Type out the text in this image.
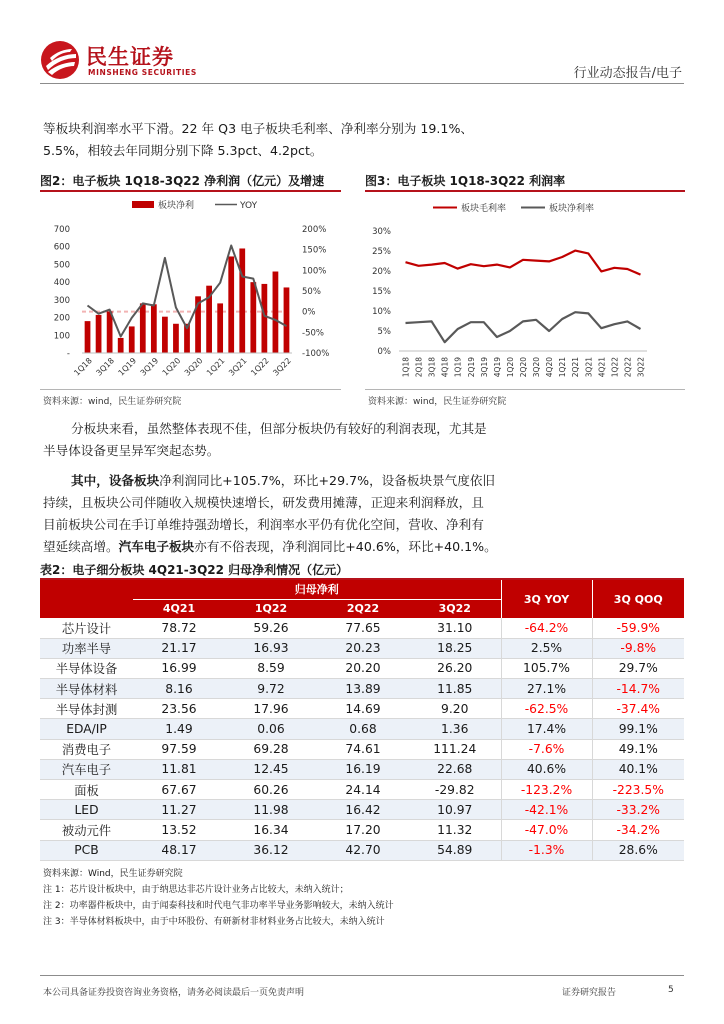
民生证券
MINSHENG SECURITIES	行业动态报告/电子
等板块利润率水平下滑。22 年 Q3 电子板块毛利率、净利率分别为 19.1%、
5.5%，相较去年同期分别下降 5.3pct、4.2pct。
图2：电子板块 1Q18-3Q22 净利润（亿元）及增速
板块净利	YOY
-
100
200
300
400
500
600
700
-100%
-50%
0%
50%
100%
150%
200%
1Q18 3Q18 1Q19 3Q19 1Q20 3Q20 1Q21 3Q21 1Q22 3Q22
资料来源：wind，民生证券研究院
图3：电子板块 1Q18-3Q22 利润率
板块毛利率	板块净利率
0%
5%
10%
15%
20%
25%
30%
1Q18 2Q18 3Q18 4Q18 1Q19 2Q19 3Q19 4Q19 1Q20 2Q20 3Q20 4Q20 1Q21 2Q21 3Q21 4Q21 1Q22 2Q22 3Q22
资料来源：wind，民生证券研究院
分板块来看，虽然整体表现不佳，但部分板块仍有较好的利润表现，尤其是
半导体设备更呈异军突起态势。
其中，设备板块净利润同比+105.7%，环比+29.7%，设备板块景气度依旧
持续，且板块公司伴随收入规模快速增长，研发费用摊薄，正迎来利润释放，且
目前板块公司在手订单维持强劲增长，利润率水平仍有优化空间，营收、净利有
望延续高增。汽车电子板块亦有不俗表现，净利润同比+40.6%，环比+40.1%。
表2：电子细分板块 4Q21-3Q22 归母净利情况（亿元）
	归母净利				3Q YOY	3Q QOQ
	4Q21	1Q22	2Q22	3Q22		
芯片设计	78.72	59.26	77.65	31.10	-64.2%	-59.9%
功率半导	21.17	16.93	20.23	18.25	2.5%	-9.8%
半导体设备	16.99	8.59	20.20	26.20	105.7%	29.7%
半导体材料	8.16	9.72	13.89	11.85	27.1%	-14.7%
半导体封测	23.56	17.96	14.69	9.20	-62.5%	-37.4%
EDA/IP	1.49	0.06	0.68	1.36	17.4%	99.1%
消费电子	97.59	69.28	74.61	111.24	-7.6%	49.1%
汽车电子	11.81	12.45	16.19	22.68	40.6%	40.1%
面板	67.67	60.26	24.14	-29.82	-123.2%	-223.5%
LED	11.27	11.98	16.42	10.97	-42.1%	-33.2%
被动元件	13.52	16.34	17.20	11.32	-47.0%	-34.2%
PCB	48.17	36.12	42.70	54.89	-1.3%	28.6%
资料来源：Wind，民生证券研究院
注 1：芯片设计板块中，由于纳思达非芯片设计业务占比较大，未纳入统计；
注 2：功率器件板块中，由于闻泰科技和时代电气非功率半导业务影响较大，未纳入统计
注 3：半导体材料板块中，由于中环股份、有研新材非材料业务占比较大，未纳入统计
本公司具备证券投资咨询业务资格，请务必阅读最后一页免责声明	证券研究报告	5
